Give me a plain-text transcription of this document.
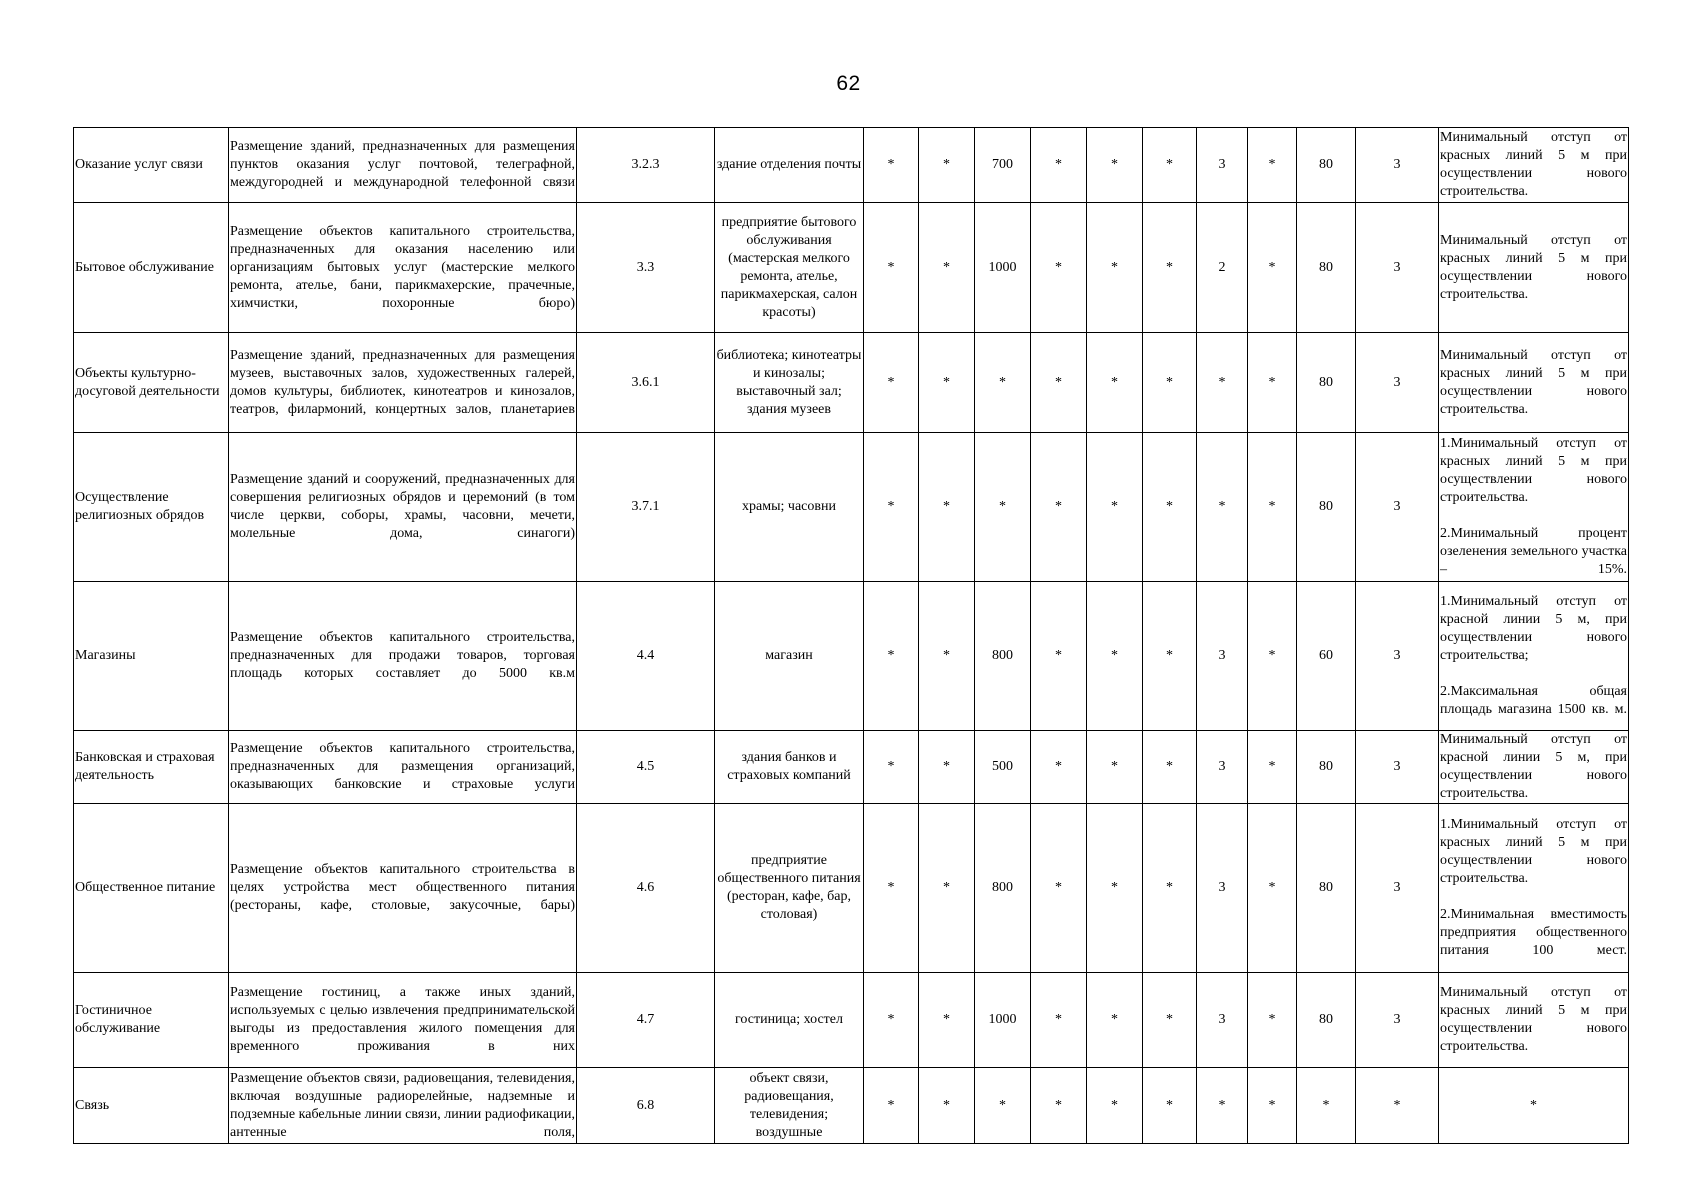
62
Оказание услуг связи	Размещение зданий, предназначенных для размещения пунктов оказания услуг почтовой, телеграфной, междугородней и международной телефонной связи	3.2.3	здание отделения почты	*	*	700	*	*	*	3	*	80	3	Минимальный отступ от красных линий 5 м при осуществлении нового строительства.

Бытовое обслуживание	Размещение объектов капитального строительства, предназначенных для оказания населению или организациям бытовых услуг (мастерские мелкого ремонта, ателье, бани, парикмахерские, прачечные, химчистки, похоронные бюро)	3.3	предприятие бытового обслуживания (мастерская мелкого ремонта, ателье, парикмахерская, салон красоты)	*	*	1000	*	*	*	2	*	80	3	Минимальный отступ от красных линий 5 м при осуществлении нового строительства.

Объекты культурно-досуговой деятельности	Размещение зданий, предназначенных для размещения музеев, выставочных залов, художественных галерей, домов культуры, библиотек, кинотеатров и кинозалов, театров, филармоний, концертных залов, планетариев	3.6.1	библиотека; кинотеатры и кинозалы; выставочный зал; здания музеев	*	*	*	*	*	*	*	*	80	3	Минимальный отступ от красных линий 5 м при осуществлении нового строительства.

Осуществление религиозных обрядов	Размещение зданий и сооружений, предназначенных для совершения религиозных обрядов и церемоний (в том числе церкви, соборы, храмы, часовни, мечети, молельные дома, синагоги)	3.7.1	храмы; часовни	*	*	*	*	*	*	*	*	80	3	1.Минимальный отступ от красных линий 5 м при осуществлении нового строительства.
2.Минимальный процент озеленения земельного участка – 15%.

Магазины	Размещение объектов капитального строительства, предназначенных для продажи товаров, торговая площадь которых составляет до 5000 кв.м	4.4	магазин	*	*	800	*	*	*	3	*	60	3	1.Минимальный отступ от красной линии 5 м, при осуществлении нового строительства;
2.Максимальная общая площадь магазина 1500 кв. м.

Банковская и страховая деятельность	Размещение объектов капитального строительства, предназначенных для размещения организаций, оказывающих банковские и страховые услуги	4.5	здания банков и страховых компаний	*	*	500	*	*	*	3	*	80	3	Минимальный отступ от красной линии 5 м, при осуществлении нового строительства.

Общественное питание	Размещение объектов капитального строительства в целях устройства мест общественного питания (рестораны, кафе, столовые, закусочные, бары)	4.6	предприятие общественного питания (ресторан, кафе, бар, столовая)	*	*	800	*	*	*	3	*	80	3	1.Минимальный отступ от красных линий 5 м при осуществлении нового строительства.
2.Минимальная вместимость предприятия общественного питания 100 мест.

Гостиничное обслуживание	Размещение гостиниц, а также иных зданий, используемых с целью извлечения предпринимательской выгоды из предоставления жилого помещения для временного проживания в них	4.7	гостиница; хостел	*	*	1000	*	*	*	3	*	80	3	Минимальный отступ от красных линий 5 м при осуществлении нового строительства.

Связь	Размещение объектов связи, радиовещания, телевидения, включая воздушные радиорелейные, надземные и подземные кабельные линии связи, линии радиофикации, антенные поля,	6.8	объект связи, радиовещания, телевидения; воздушные	*	*	*	*	*	*	*	*	*	*	*
